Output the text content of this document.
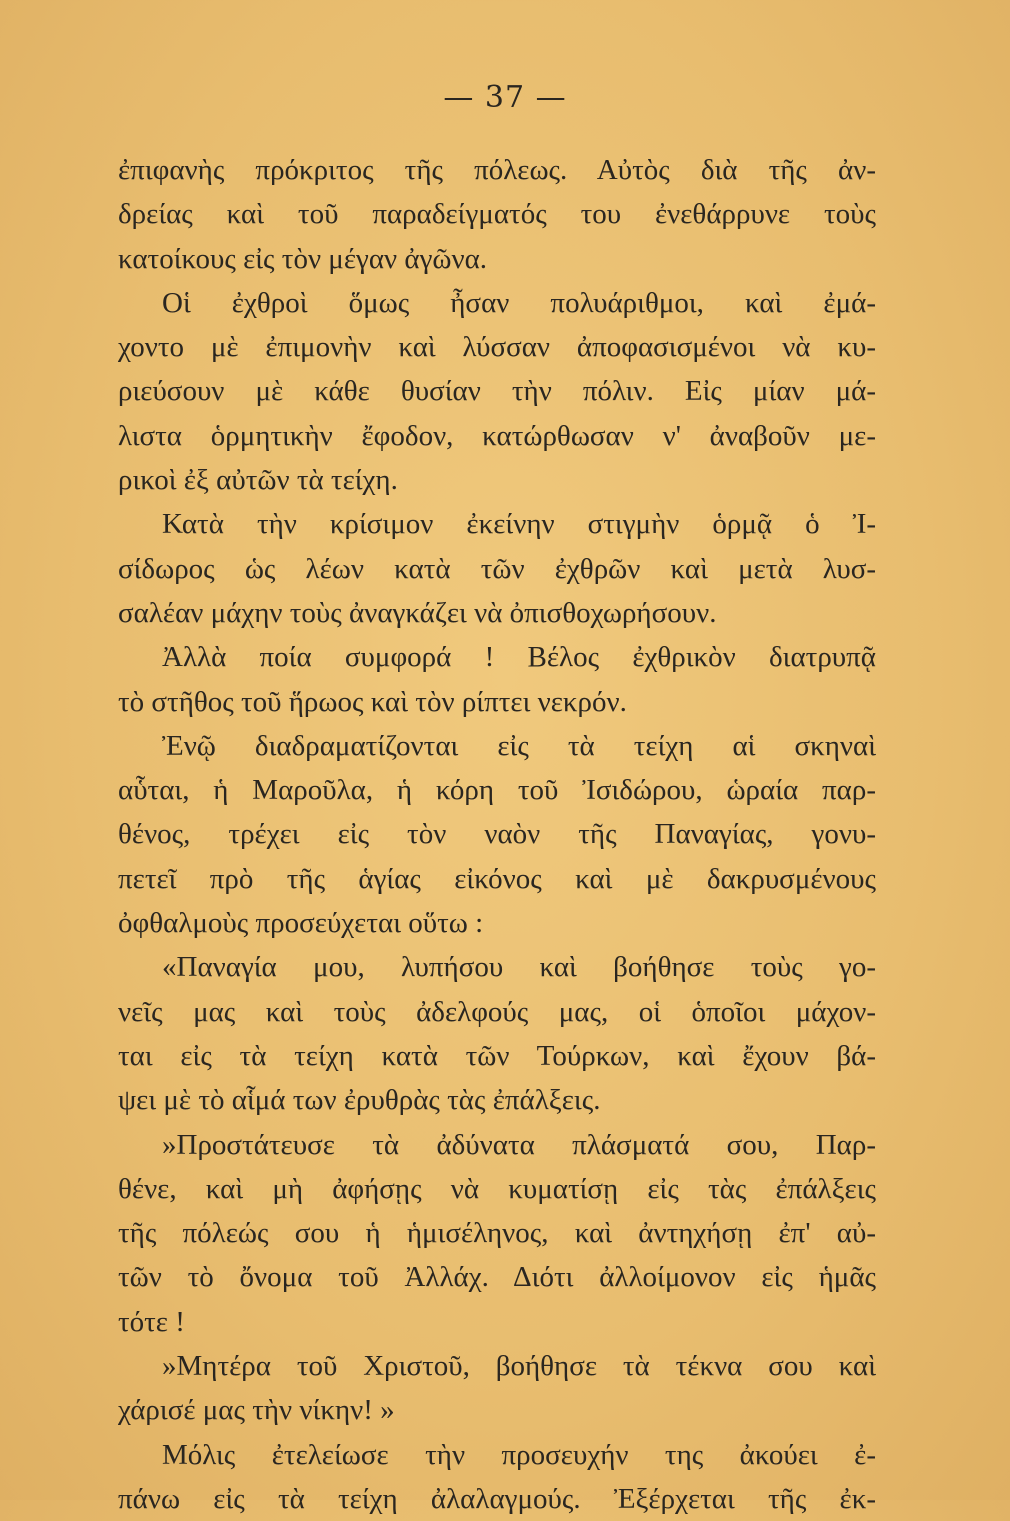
— 37 —
ἐπιφανὴς πρόκριτος τῆς πόλεως. Αὐτὸς διὰ τῆς ἀν-
δρείας καὶ τοῦ παραδείγματός του ἐνεθάρρυνε τοὺς
κατοίκους εἰς τὸν μέγαν ἀγῶνα.
Οἱ ἐχθροὶ ὅμως ἦσαν πολυάριθμοι, καὶ ἐμά-
χοντο μὲ ἐπιμονὴν καὶ λύσσαν ἀποφασισμένοι νὰ κυ-
ριεύσουν μὲ κάθε θυσίαν τὴν πόλιν. Εἰς μίαν μά-
λιστα ὁρμητικὴν ἔφοδον, κατώρθωσαν ν' ἀναβοῦν με-
ρικοὶ ἐξ αὐτῶν τὰ τείχη.
Κατὰ τὴν κρίσιμον ἐκείνην στιγμὴν ὁρμᾷ ὁ Ἰ-
σίδωρος ὡς λέων κατὰ τῶν ἐχθρῶν καὶ μετὰ λυσ-
σαλέαν μάχην τοὺς ἀναγκάζει νὰ ὀπισθοχωρήσουν.
Ἀλλὰ ποία συμφορά ! Βέλος ἐχθρικὸν διατρυπᾷ
τὸ στῆθος τοῦ ἥρωος καὶ τὸν ρίπτει νεκρόν.
Ἐνῷ διαδραματίζονται εἰς τὰ τείχη αἱ σκηναὶ
αὗται, ἡ Μαροῦλα, ἡ κόρη τοῦ Ἰσιδώρου, ὡραία παρ-
θένος, τρέχει εἰς τὸν ναὸν τῆς Παναγίας, γονυ-
πετεῖ πρὸ τῆς ἁγίας εἰκόνος καὶ μὲ δακρυσμένους
ὀφθαλμοὺς προσεύχεται οὕτω :
«Παναγία μου, λυπήσου καὶ βοήθησε τοὺς γο-
νεῖς μας καὶ τοὺς ἀδελφούς μας, οἱ ὁποῖοι μάχον-
ται εἰς τὰ τείχη κατὰ τῶν Τούρκων, καὶ ἔχουν βά-
ψει μὲ τὸ αἷμά των ἐρυθρὰς τὰς ἐπάλξεις.
»Προστάτευσε τὰ ἀδύνατα πλάσματά σου, Παρ-
θένε, καὶ μὴ ἀφήσῃς νὰ κυματίσῃ εἰς τὰς ἐπάλξεις
τῆς πόλεώς σου ἡ ἡμισέληνος, καὶ ἀντηχήσῃ ἐπ' αὐ-
τῶν τὸ ὄνομα τοῦ Ἀλλάχ. Διότι ἀλλοίμονον εἰς ἡμᾶς
τότε !
»Μητέρα τοῦ Χριστοῦ, βοήθησε τὰ τέκνα σου καὶ
χάρισέ μας τὴν νίκην! »
Μόλις ἐτελείωσε τὴν προσευχήν της ἀκούει ἐ-
πάνω εἰς τὰ τείχη ἀλαλαγμούς. Ἐξέρχεται τῆς ἐκ-
